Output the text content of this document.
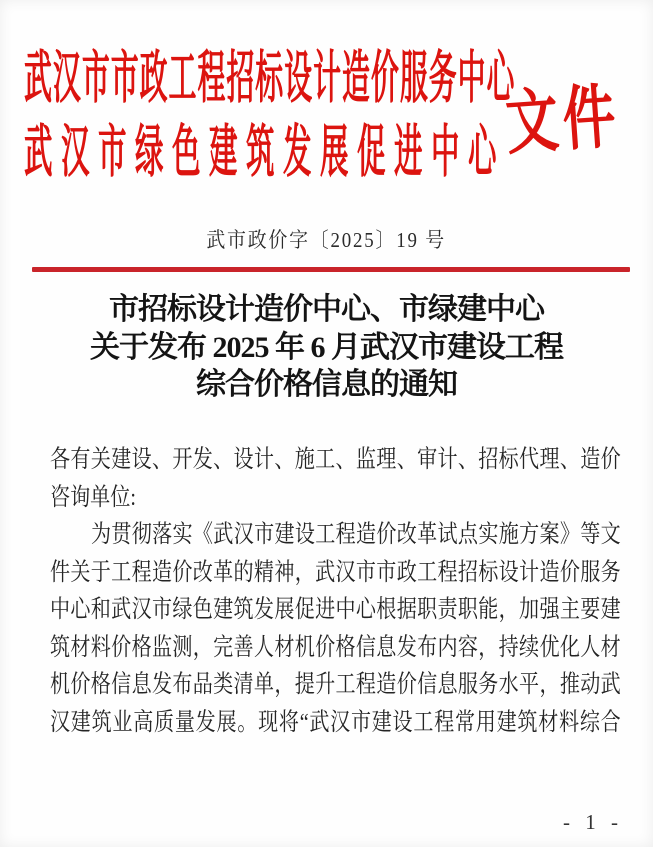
武汉市市政工程招标设计造价服务中心
武汉市绿色建筑发展促进中心
文件
武市政价字〔2025〕19 号
市招标设计造价中心、市绿建中心
关于发布 2025 年 6 月武汉市建设工程
综合价格信息的通知
各有关建设、开发、设计、施工、监理、审计、招标代理、造价
咨询单位:
为贯彻落实《武汉市建设工程造价改革试点实施方案》等文
件关于工程造价改革的精神，武汉市市政工程招标设计造价服务
中心和武汉市绿色建筑发展促进中心根据职责职能，加强主要建
筑材料价格监测，完善人材机价格信息发布内容，持续优化人材
机价格信息发布品类清单，提升工程造价信息服务水平，推动武
汉建筑业高质量发展。现将“武汉市建设工程常用建筑材料综合
- 1 -
